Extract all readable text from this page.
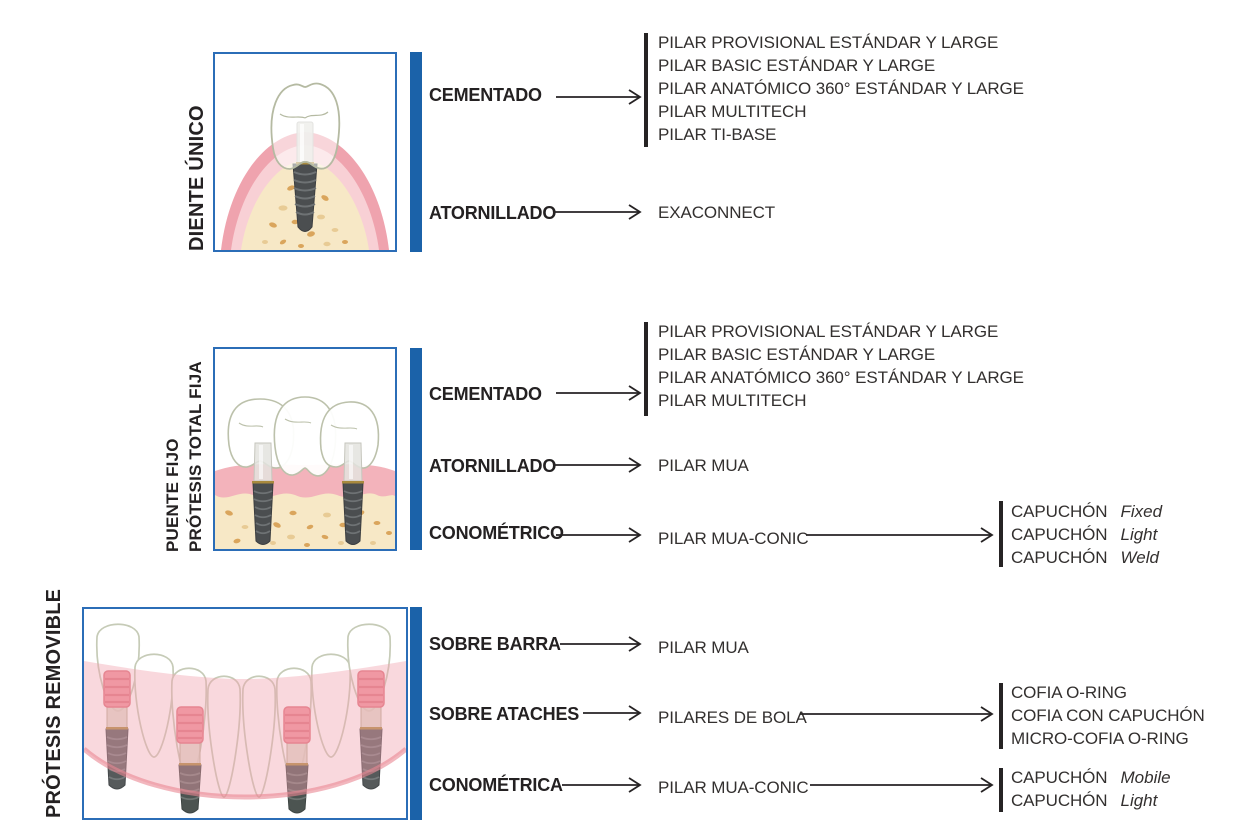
DIENTE ÚNICO
CEMENTADO
PILAR PROVISIONAL ESTÁNDAR Y LARGE
PILAR BASIC ESTÁNDAR Y LARGE
PILAR ANATÓMICO 360° ESTÁNDAR Y LARGE
PILAR MULTITECH
PILAR TI-BASE
ATORNILLADO	EXACONNECT
PUENTE FIJO PRÓTESIS TOTAL FIJA	CEMENTADO
PILAR PROVISIONAL ESTÁNDAR Y LARGE
PILAR BASIC ESTÁNDAR Y LARGE
PILAR ANATÓMICO 360° ESTÁNDAR Y LARGE
PILAR MULTITECH
ATORNILLADO	PILAR MUA
CONOMÉTRICO	PILAR MUA-CONIC
CAPUCHÓN Fixed
CAPUCHÓN Light
CAPUCHÓN Weld
PRÓTESIS REMOVIBLE	SOBRE BARRA	PILAR MUA
SOBRE ATACHES	PILARES DE BOLA
COFIA O-RING
COFIA CON CAPUCHÓN
MICRO-COFIA O-RING
CONOMÉTRICA	PILAR MUA-CONIC
CAPUCHÓN Mobile
CAPUCHÓN Light
